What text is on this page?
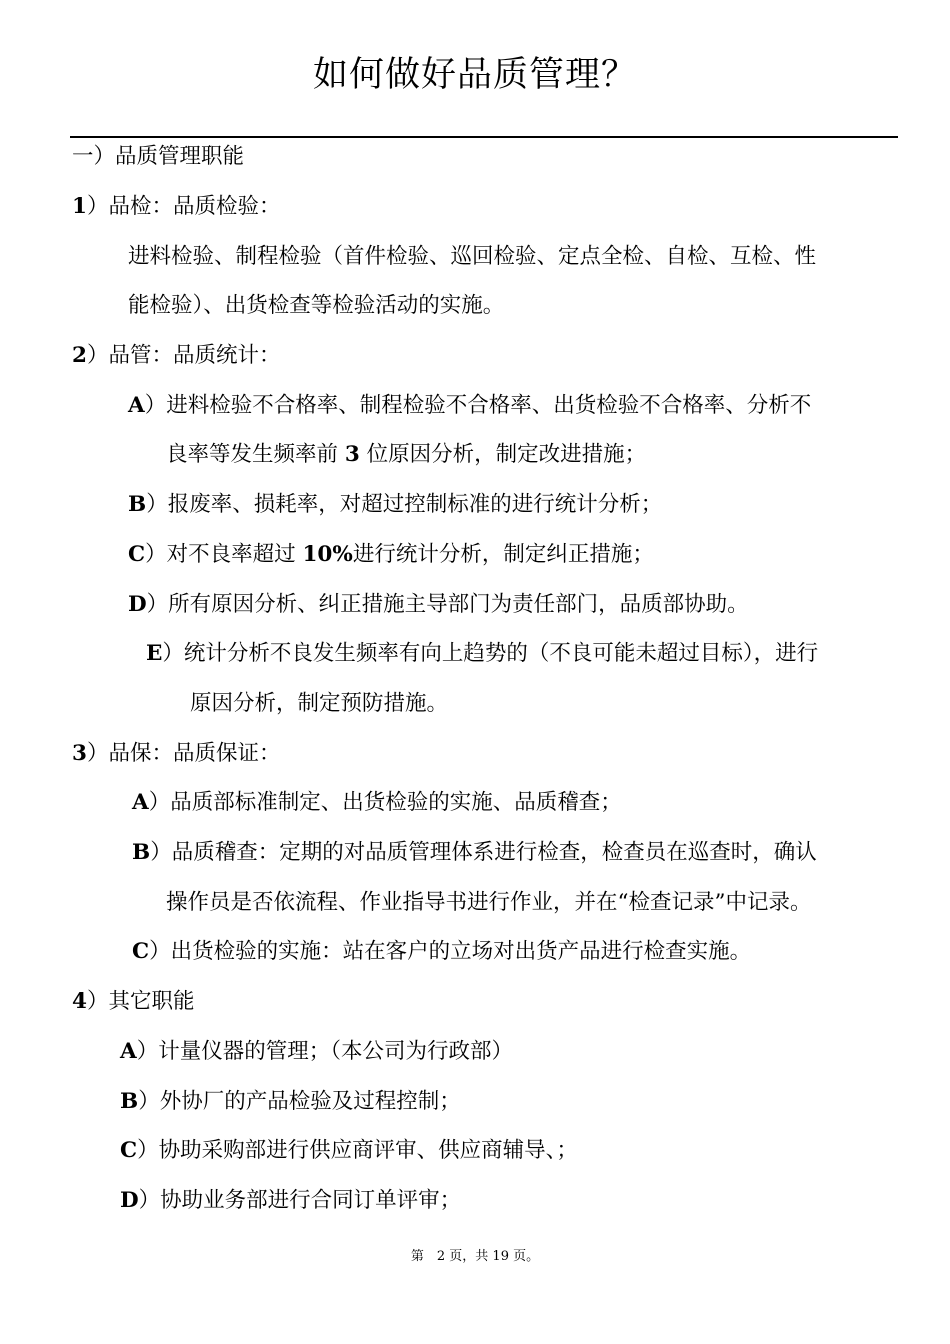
如何做好品质管理？
一）品质管理职能
1）品检：品质检验：
进料检验、制程检验（首件检验、巡回检验、定点全检、自检、互检、性
能检验）、出货检查等检验活动的实施。
2）品管：品质统计：
A）进料检验不合格率、制程检验不合格率、出货检验不合格率、分析不
良率等发生频率前 3 位原因分析，制定改进措施；
B）报废率、损耗率，对超过控制标准的进行统计分析；
C）对不良率超过 10%进行统计分析，制定纠正措施；
D）所有原因分析、纠正措施主导部门为责任部门，品质部协助。
E）统计分析不良发生频率有向上趋势的（不良可能未超过目标），进行
原因分析，制定预防措施。
3）品保：品质保证：
A）品质部标准制定、出货检验的实施、品质稽查；
B）品质稽查：定期的对品质管理体系进行检查，检查员在巡查时，确认
操作员是否依流程、作业指导书进行作业，并在“检查记录”中记录。
C）出货检验的实施：站在客户的立场对出货产品进行检查实施。
4）其它职能
A）计量仪器的管理；（本公司为行政部）
B）外协厂的产品检验及过程控制；
C）协助采购部进行供应商评审、供应商辅导、；
D）协助业务部进行合同订单评审；
第　2 页，共 19 页。
